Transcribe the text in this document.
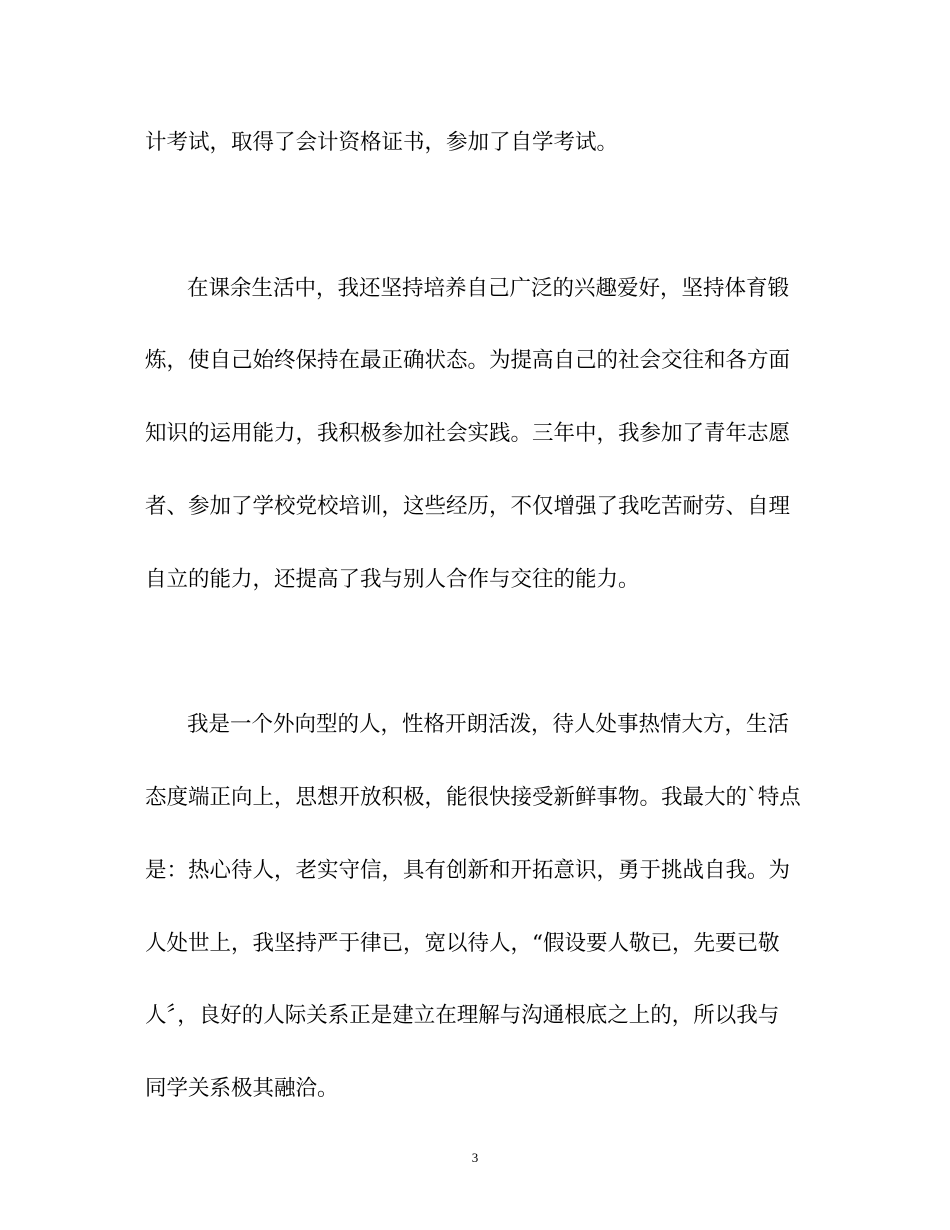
计考试，取得了会计资格证书，参加了自学考试。
在课余生活中，我还坚持培养自己广泛的兴趣爱好，坚持体育锻
炼，使自己始终保持在最正确状态。为提高自己的社会交往和各方面
知识的运用能力，我积极参加社会实践。三年中，我参加了青年志愿
者、参加了学校党校培训，这些经历，不仅增强了我吃苦耐劳、自理
自立的能力，还提高了我与别人合作与交往的能力。
我是一个外向型的人，性格开朗活泼，待人处事热情大方，生活
态度端正向上，思想开放积极，能很快接受新鲜事物。我最大的`特点
是：热心待人，老实守信，具有创新和开拓意识，勇于挑战自我。为
人处世上，我坚持严于律已，宽以待人，“假设要人敬已，先要已敬
人〞，良好的人际关系正是建立在理解与沟通根底之上的，所以我与
同学关系极其融洽。
3
